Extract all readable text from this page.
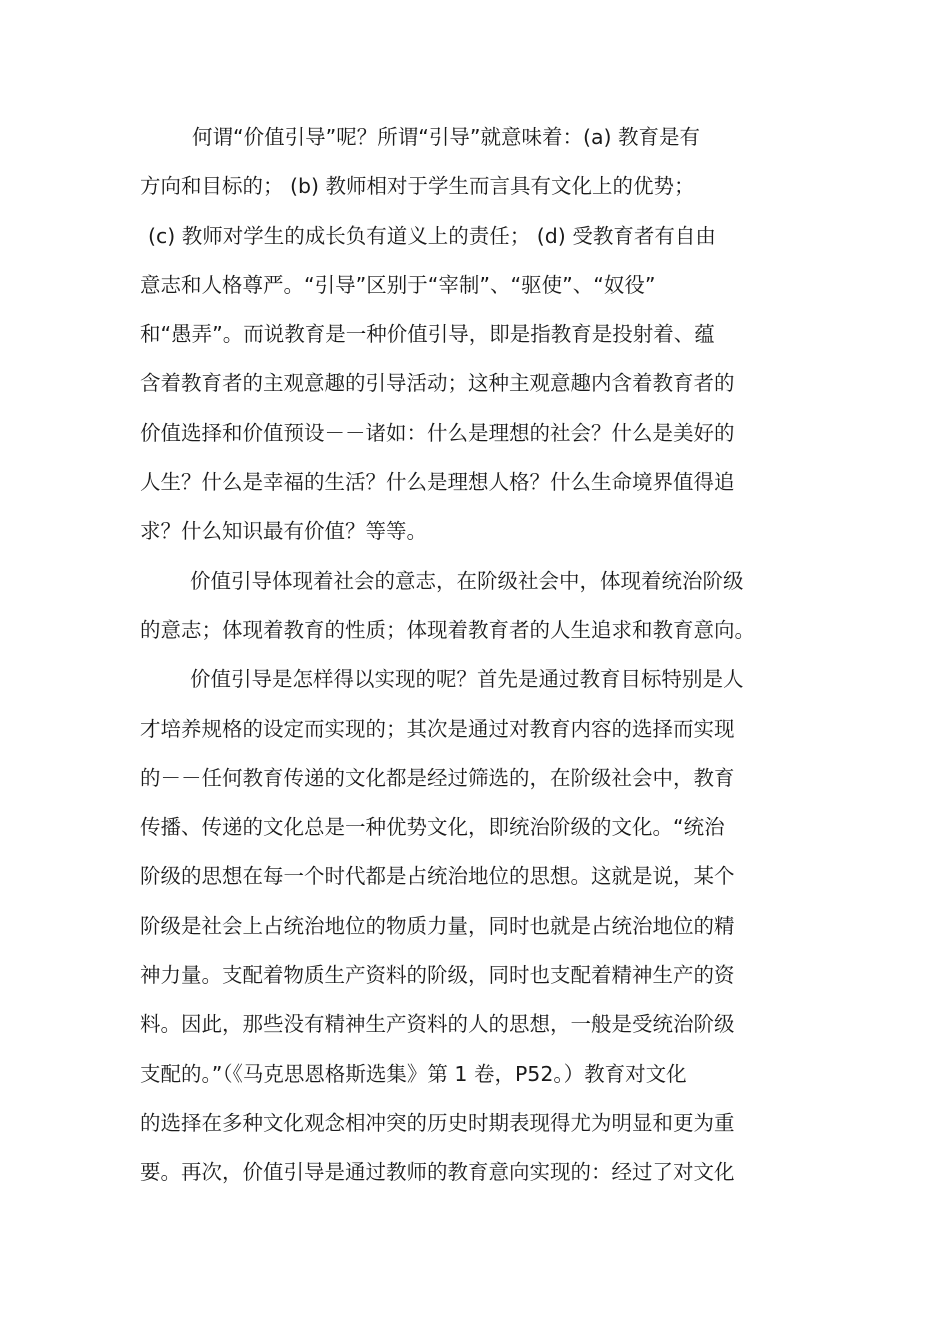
何谓“价值引导”呢？所谓“引导”就意味着：(a) 教育是有
方向和目标的； (b) 教师相对于学生而言具有文化上的优势；
(c) 教师对学生的成长负有道义上的责任； (d) 受教育者有自由
意志和人格尊严。“引导”区别于“宰制”、“驱使”、“奴役”
和“愚弄”。而说教育是一种价值引导，即是指教育是投射着、蕴
含着教育者的主观意趣的引导活动；这种主观意趣内含着教育者的
价值选择和价值预设－－诸如：什么是理想的社会？什么是美好的
人生？什么是幸福的生活？什么是理想人格？什么生命境界值得追
求？什么知识最有价值？等等。
价值引导体现着社会的意志，在阶级社会中，体现着统治阶级
的意志；体现着教育的性质；体现着教育者的人生追求和教育意向。
价值引导是怎样得以实现的呢？首先是通过教育目标特别是人
才培养规格的设定而实现的；其次是通过对教育内容的选择而实现
的－－任何教育传递的文化都是经过筛选的，在阶级社会中，教育
传播、传递的文化总是一种优势文化，即统治阶级的文化。“统治
阶级的思想在每一个时代都是占统治地位的思想。这就是说，某个
阶级是社会上占统治地位的物质力量，同时也就是占统治地位的精
神力量。支配着物质生产资料的阶级，同时也支配着精神生产的资
料。因此，那些没有精神生产资料的人的思想，一般是受统治阶级
支配的。”（《马克思恩格斯选集》第 1 卷，P52。）教育对文化
的选择在多种文化观念相冲突的历史时期表现得尤为明显和更为重
要。再次，价值引导是通过教师的教育意向实现的：经过了对文化
